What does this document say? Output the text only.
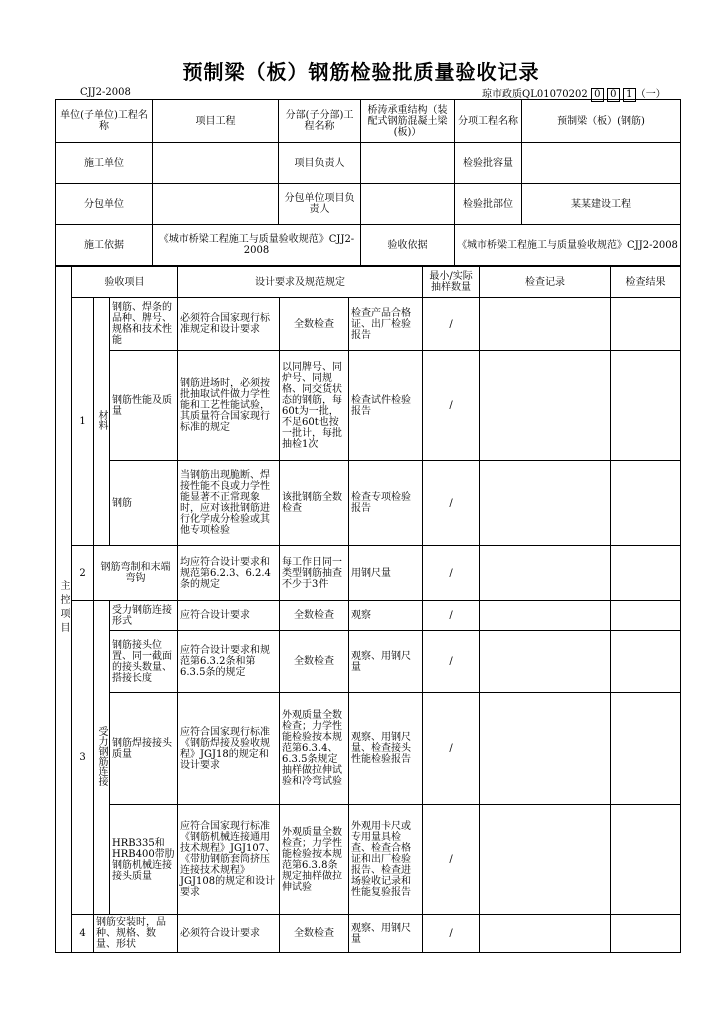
预制梁（板）钢筋检验批质量验收记录
CJJ2-2008	琼市政质QL01070202 0 0 1 （一）
单位(子单位)工程名称	项目工程	分部(子分部)工程名称	桥涛承重结构（装配式钢筋混凝土梁(板)）	分项工程名称	预制梁（板）(钢筋)
施工单位		项目负责人		检验批容量	
分包单位		分包单位项目负责人		检验批部位	某某建设工程
施工依据	《城市桥梁工程施工与质量验收规范》CJJ2-2008		验收依据	《城市桥梁工程施工与质量验收规范》CJJ2-2008	
主控项目	验收项目			设计要求及规范规定			最小/实际抽样数量	检查记录	检查结果
	1	材料	钢筋、焊条的品种、牌号、规格和技术性能	必须符合国家现行标准规定和设计要求	全数检查	检查产品合格证、出厂检验报告	/		
			钢筋性能及质量	钢筋进场时，必须按批抽取试件做力学性能和工艺性能试验，其质量符合国家现行标准的规定	以同牌号、同炉号、同规格、同交货状态的钢筋，每60t为一批，不足60t也按一批计，每批抽检1次	检查试件检验报告	/		
			钢筋	当钢筋出现脆断、焊接性能不良或力学性能显著不正常现象时，应对该批钢筋进行化学成分检验或其他专项检验	该批钢筋全数检查	检查专项检验报告	/		
	2	钢筋弯制和末端弯钩		均应符合设计要求和规范第6.2.3、6.2.4条的规定	每工作日同一类型钢筋抽查不少于3件	用钢尺量	/		
	3	受力钢筋连接	受力钢筋连接形式	应符合设计要求	全数检查	观察	/		
			钢筋接头位置、同一截面的接头数量、搭接长度	应符合设计要求和规范第6.3.2条和第6.3.5条的规定	全数检查	观察、用钢尺量	/		
			钢筋焊接接头质量	应符合国家现行标准《钢筋焊接及验收规程》JGJ18的规定和设计要求	外观质量全数检查；力学性能检验按本规范第6.3.4、6.3.5条规定抽样做拉伸试验和冷弯试验	观察、用钢尺量、检查接头性能检验报告	/		
			HRB335和HRB400带肋钢筋机械连接接头质量	应符合国家现行标准《钢筋机械连接通用技术规程》JGJ107、《带肋钢筋套筒挤压连接技术规程》JGJ108的规定和设计要求	外观质量全数检查；力学性能检验按本规范第6.3.8条规定抽样做拉伸试验	外观用卡尺或专用量具检查、检查合格证和出厂检验报告、检查进场验收记录和性能复验报告	/		
	4	钢筋安装时，品种、规格、数量、形状		必须符合设计要求	全数检查	观察、用钢尺量	/		
